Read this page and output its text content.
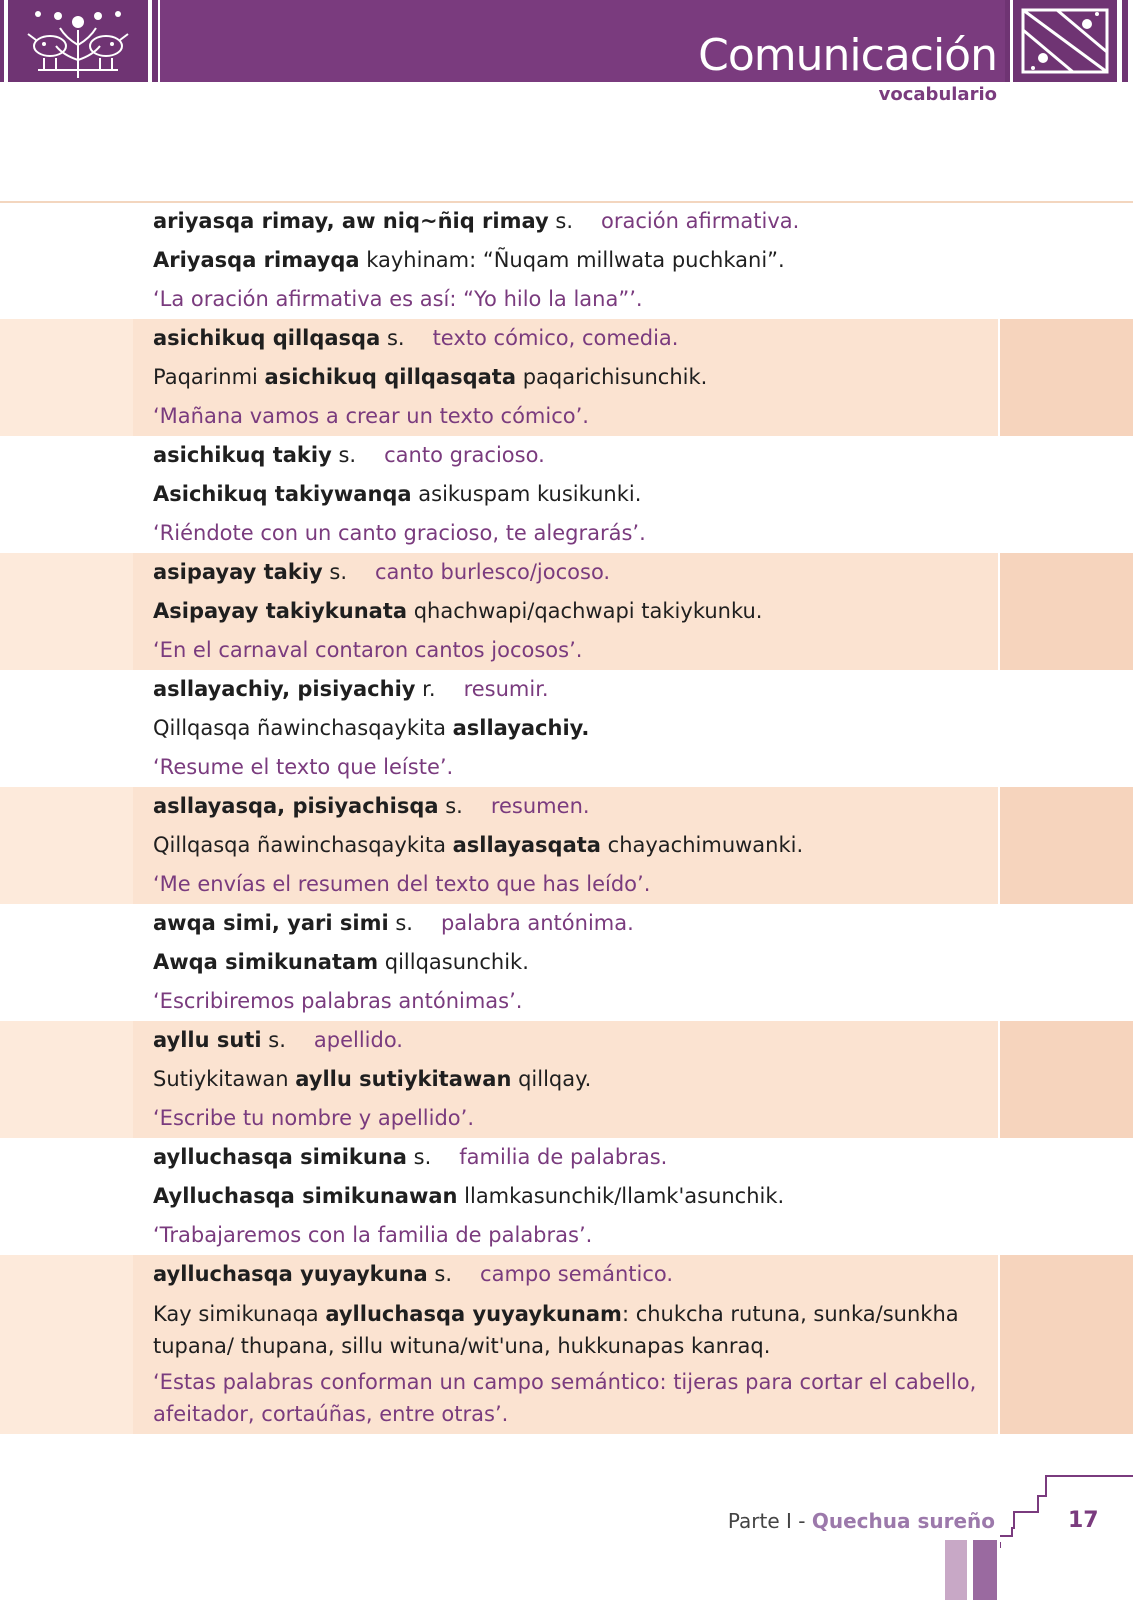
Comunicación
vocabulario
ariyasqa rimay, aw niq~ñiq rimay s. oración afirmativa.
Ariyasqa rimayqa kayhinam: “Ñuqam millwata puchkani”.
‘La oración afirmativa es así: “Yo hilo la lana”’.
asichikuq qillqasqa s. texto cómico, comedia.
Paqarinmi asichikuq qillqasqata paqarichisunchik.
‘Mañana vamos a crear un texto cómico’.
asichikuq takiy s. canto gracioso.
Asichikuq takiywanqa asikuspam kusikunki.
‘Riéndote con un canto gracioso, te alegrarás’.
asipayay takiy s. canto burlesco/jocoso.
Asipayay takiykunata qhachwapi/qachwapi takiykunku.
‘En el carnaval contaron cantos jocosos’.
asllayachiy, pisiyachiy r. resumir.
Qillqasqa ñawinchasqaykita asllayachiy.
‘Resume el texto que leíste’.
asllayasqa, pisiyachisqa s. resumen.
Qillqasqa ñawinchasqaykita asllayasqata chayachimuwanki.
‘Me envías el resumen del texto que has leído’.
awqa simi, yari simi s. palabra antónima.
Awqa simikunatam qillqasunchik.
‘Escribiremos palabras antónimas’.
ayllu suti s. apellido.
Sutiykitawan ayllu sutiykitawan qillqay.
‘Escribe tu nombre y apellido’.
aylluchasqa simikuna s. familia de palabras.
Aylluchasqa simikunawan llamkasunchik/llamk'asunchik.
‘Trabajaremos con la familia de palabras’.
aylluchasqa yuyaykuna s. campo semántico.
Kay simikunaqa aylluchasqa yuyaykunam: chukcha rutuna, sunka/sunkha tupana/ thupana, sillu wituna/wit'una, hukkunapas kanraq.
‘Estas palabras conforman un campo semántico: tijeras para cortar el cabello, afeitador, cortaúñas, entre otras’.
Parte I - Quechua sureño	17
